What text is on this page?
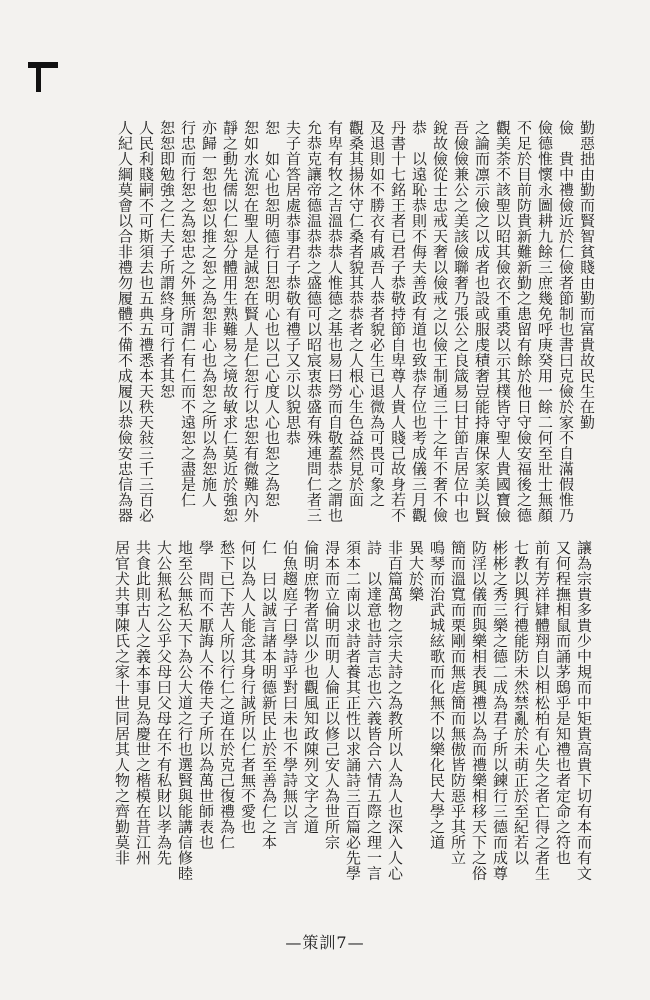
勤惡拙由勤而賢智貧賤由勤而富貴故民生在勤
儉　貴中禮儉近於仁儉者節制也書曰克儉於家不自滿假惟乃
儉德惟懷永圖耕九餘三庶幾免呼庚癸用一餘二何至壯士無顏
不足於目前防貴新難新勤之患留有餘於他日守儉安福後之德
觀美荼不該聖以昭其儉衣不重裘以示其樸皆守聖人貴國寶儉
之論而凛示儉之以成者也設或服虔積奢豈能持廉保家美以賢
吾儉儉兼公之美該儉聯奢乃張公之良箴易曰甘節吉居位中也
銳故儉從士忠戒天奢以儉戒之以儉王制通三十之年不奢不儉
恭　以遠恥恭則不侮夫善政有道也致恭存位也考成儀三月觀
丹書十七銘王者已君子恭敬持節自卑尊人貴人賤己故身若不
及退則如不勝衣有戚吾人恭者貌必生已退微為可畏可象之
觀桑其揚休守仁桑者貌其恭恭者之人根心生色益然見於面
有卑有牧之吉溫恭恭人惟德之基也易曰勞而自敬蓋恭之謂也
允恭克讓帝德温恭恭之盛德可以昭宸衷恭盛有殊連問仁者三
夫子首答居處恭事君子恭敬有禮子又示以貌思恭
恕　如心也恕明德行日恕明心也以己心度人心也恕之為恕
恕如水流恕在聖人是誠恕在賢人是仁恕行以忠恕有微難內外
靜之動先儒以仁恕分體用生熟難易之境故敏求仁莫近於強恕
亦歸一恕也恕以推之恕之為恕非心也為恕之所以為恕施人
行忠而行恕之為恕忠之外無所謂仁有仁而不遠恕之盡是仁
恕恕即勉強之仁夫子所謂終身可行者其恕
人民利賤嗣不可斯須去也五典五禮悉本天秩天敍三千三百必
人紀人綱莫會以合非禮勿履體不備不成履以恭儉安忠信為器
讓為宗貴多貴少中規而中矩貴高貴下切有本而有文
又何程撫相鼠而誦茅鴟乎是知禮也者定命之符也
前有芳祥肄體翔自以相松柏有心失之者亡得之者生
七教以興行禮能防未然禁亂於未萌正於至紀若以
彬彬之秀三樂之德二成為君子所以鍊行三德而成尊
防淫以儀而與樂相表興禮以為而禮樂相移天下之俗
簡而溫寬而栗剛而無虐簡而無傲皆防惡乎其所立
鳴琴而治武城絃歌而化無不以樂化民大學之道
異大於樂
非百篇萬物之宗夫詩之為教所以人為人也深入人心
詩　以達意也詩言志也六義皆合六情五際之理一言
須本二南以求詩者養其正性以求誦詩三百篇必先學
淂本而立倫明而明人倫正以修己安人為世所宗
倫明庶物者當以少也觀風知政陳列文字之道
伯魚趨庭子曰學詩乎對曰未也不學詩無以言
仁　曰以誠言諸本明德新民止於至善為仁之本
何以為人人能念其身行誠所以仁者無不愛也
愁下已下苦人所以行仁之道在於克己復禮為仁
學　問而不厭誨人不倦夫子所以為萬世師表也
地至公無私天下為公大道之行也選賢與能講信修睦
大公無私之公乎父母曰父母在不有私財以孝為先
共食此則古人之義本事見為慶世之楷模在昔江州
居官犬共事陳氏之家十世同居其人物之齊勤莫非
—策訓7—
